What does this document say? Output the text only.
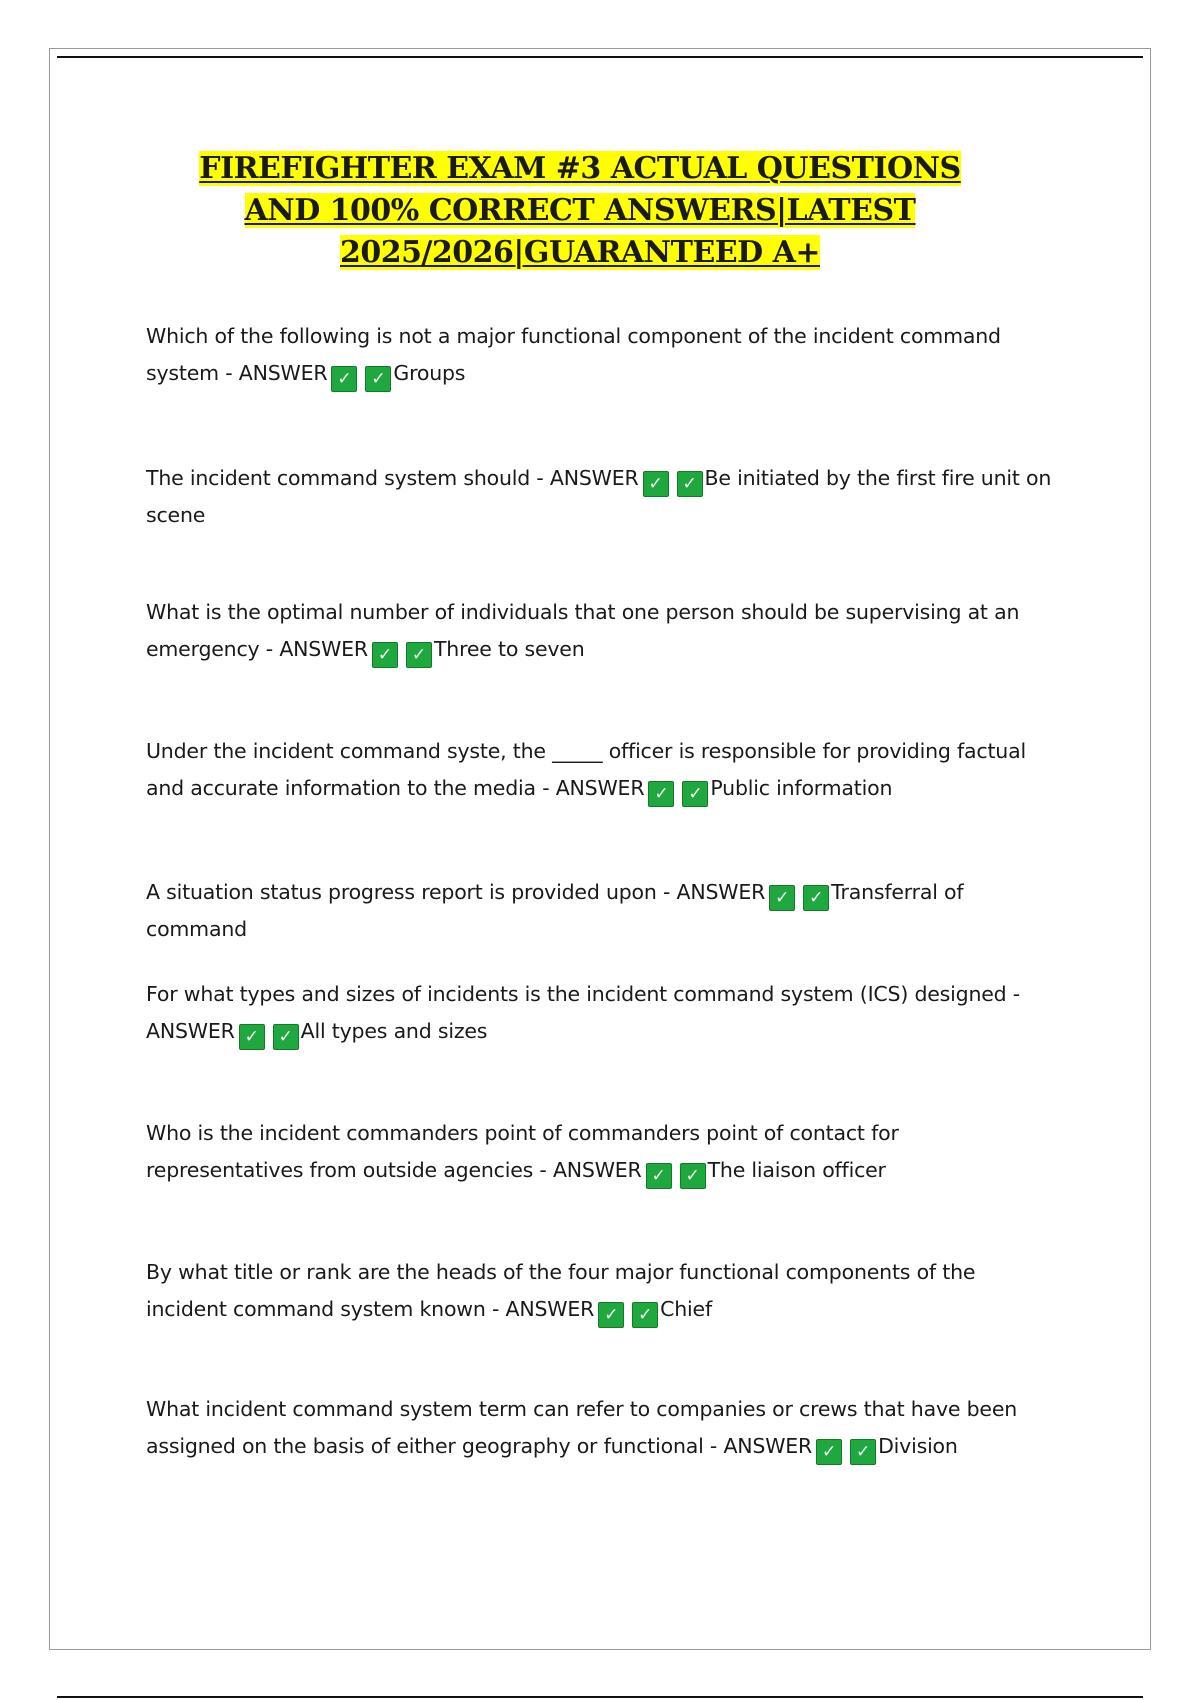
FIREFIGHTER EXAM #3 ACTUAL QUESTIONS
AND 100% CORRECT ANSWERS|LATEST
2025/2026|GUARANTEED A+
Which of the following is not a major functional component of the incident command system - ANSWER ✓ ✓ Groups
The incident command system should - ANSWER ✓ ✓ Be initiated by the first fire unit on scene
What is the optimal number of individuals that one person should be supervising at an emergency - ANSWER ✓ ✓ Three to seven
Under the incident command syste, the _____ officer is responsible for providing factual and accurate information to the media - ANSWER ✓ ✓ Public information
A situation status progress report is provided upon - ANSWER ✓ ✓ Transferral of command
For what types and sizes of incidents is the incident command system (ICS) designed - ANSWER ✓ ✓ All types and sizes
Who is the incident commanders point of commanders point of contact for representatives from outside agencies - ANSWER ✓ ✓ The liaison officer
By what title or rank are the heads of the four major functional components of the incident command system known - ANSWER ✓ ✓ Chief
What incident command system term can refer to companies or crews that have been assigned on the basis of either geography or functional - ANSWER ✓ ✓ Division
